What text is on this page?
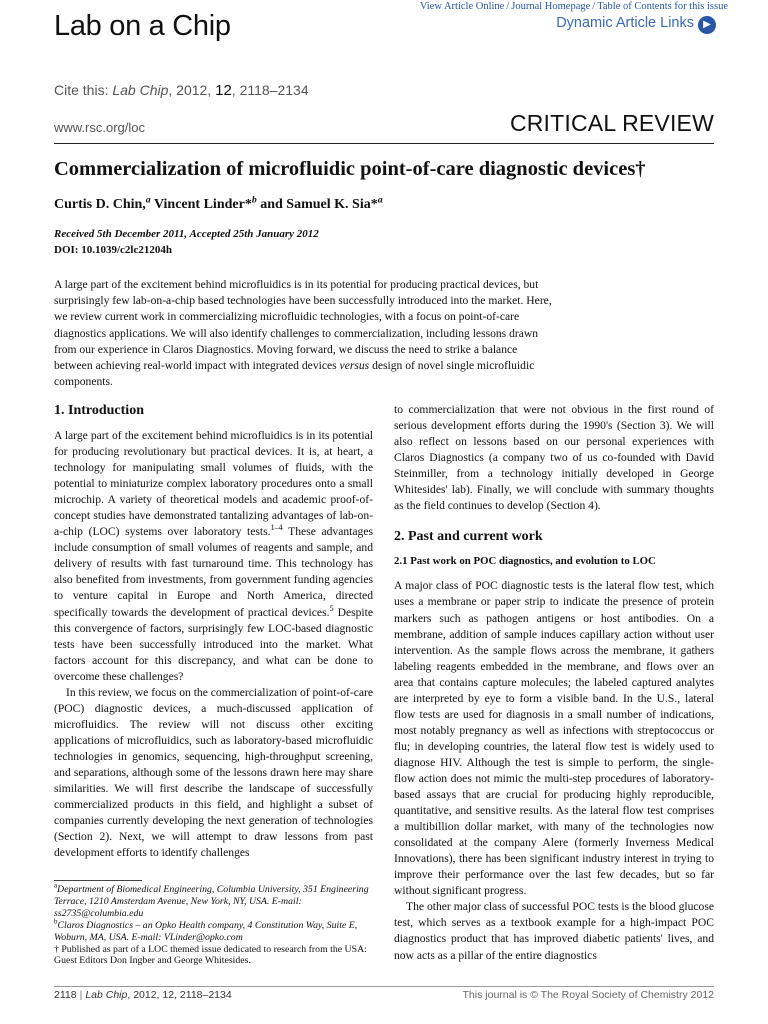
Lab on a Chip
View Article Online / Journal Homepage / Table of Contents for this issue
Dynamic Article Links ▶
Cite this: Lab Chip, 2012, 12, 2118–2134
www.rsc.org/loc	CRITICAL REVIEW
Commercialization of microfluidic point-of-care diagnostic devices†
Curtis D. Chin,$^a$ Vincent Linder*$^b$ and Samuel K. Sia*$^a$
Received 5th December 2011, Accepted 25th January 2012
DOI: 10.1039/c2lc21204h
A large part of the excitement behind microfluidics is in its potential for producing practical devices, but surprisingly few lab-on-a-chip based technologies have been successfully introduced into the market. Here, we review current work in commercializing microfluidic technologies, with a focus on point-of-care diagnostics applications. We will also identify challenges to commercialization, including lessons drawn from our experience in Claros Diagnostics. Moving forward, we discuss the need to strike a balance between achieving real-world impact with integrated devices versus design of novel single microfluidic components.
1. Introduction

A large part of the excitement behind microfluidics is in its potential for producing revolutionary but practical devices. It is, at heart, a technology for manipulating small volumes of fluids, with the potential to miniaturize complex laboratory procedures onto a small microchip. A variety of theoretical models and academic proof-of-concept studies have demonstrated tantalizing advantages of lab-on-a-chip (LOC) systems over laboratory tests.$^{1-4}$ These advantages include consumption of small volumes of reagents and sample, and delivery of results with fast turnaround time. This technology has also benefited from investments, from government funding agencies to venture capital in Europe and North America, directed specifically towards the development of practical devices.$^5$ Despite this convergence of factors, surprisingly few LOC-based diagnostic tests have been successfully introduced into the market. What factors account for this discrepancy, and what can be done to overcome these challenges?

In this review, we focus on the commercialization of point-of-care (POC) diagnostic devices, a much-discussed application of microfluidics. The review will not discuss other exciting applications of microfluidics, such as laboratory-based microfluidic technologies in genomics, sequencing, high-throughput screening, and separations, although some of the lessons drawn here may share similarities. We will first describe the landscape of successfully commercialized products in this field, and highlight a subset of companies currently developing the next generation of technologies (Section 2). Next, we will attempt to draw lessons from past development efforts to identify challenges

to commercialization that were not obvious in the first round of serious development efforts during the 1990's (Section 3). We will also reflect on lessons based on our personal experiences with Claros Diagnostics (a company two of us co-founded with David Steinmiller, from a technology initially developed in George Whitesides' lab). Finally, we will conclude with summary thoughts as the field continues to develop (Section 4).

2. Past and current work
2.1 Past work on POC diagnostics, and evolution to LOC

A major class of POC diagnostic tests is the lateral flow test, which uses a membrane or paper strip to indicate the presence of protein markers such as pathogen antigens or host antibodies. On a membrane, addition of sample induces capillary action without user intervention. As the sample flows across the membrane, it gathers labeling reagents embedded in the membrane, and flows over an area that contains capture molecules; the labeled captured analytes are interpreted by eye to form a visible band. In the U.S., lateral flow tests are used for diagnosis in a small number of indications, most notably pregnancy as well as infections with streptococcus or flu; in developing countries, the lateral flow test is widely used to diagnose HIV. Although the test is simple to perform, the single-flow action does not mimic the multi-step procedures of laboratory-based assays that are crucial for producing highly reproducible, quantitative, and sensitive results. As the lateral flow test comprises a multibillion dollar market, with many of the technologies now consolidated at the company Alere (formerly Inverness Medical Innovations), there has been significant industry interest in trying to improve their performance over the last few decades, but so far without significant progress.

The other major class of successful POC tests is the blood glucose test, which serves as a textbook example for a high-impact POC diagnostics product that has improved diabetic patients' lives, and now acts as a pillar of the entire diagnostics

$^a$Department of Biomedical Engineering, Columbia University, 351 Engineering Terrace, 1210 Amsterdam Avenue, New York, NY, USA. E-mail: ss2735@columbia.edu
$^b$Claros Diagnostics – an Opko Health company, 4 Constitution Way, Suite E, Woburn, MA, USA. E-mail: VLinder@opko.com
† Published as part of a LOC themed issue dedicated to research from the USA: Guest Editors Don Ingber and George Whitesides.
2118 | Lab Chip, 2012, 12, 2118–2134	This journal is © The Royal Society of Chemistry 2012
